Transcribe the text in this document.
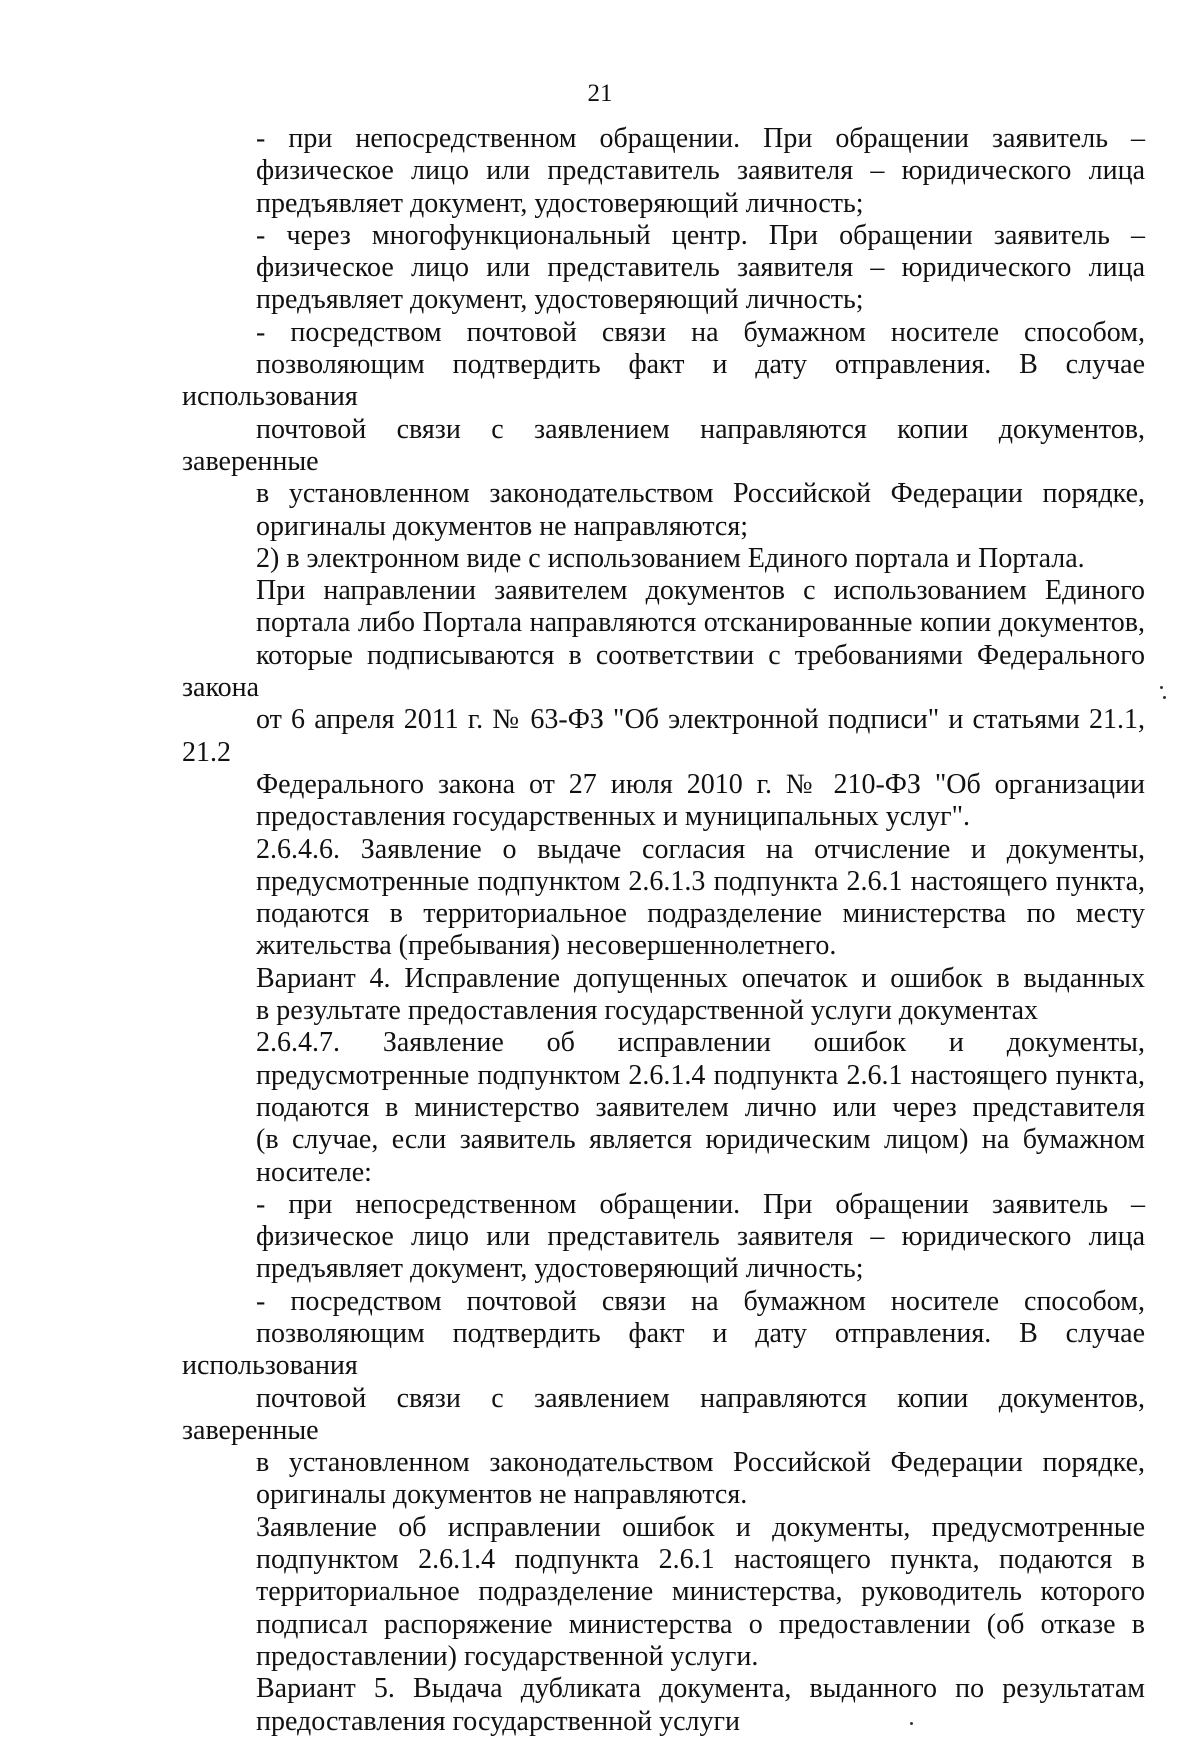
21

- при непосредственном обращении. При обращении заявитель –
физическое лицо или представитель заявителя – юридического лица
предъявляет документ, удостоверяющий личность;

- через многофункциональный центр. При обращении заявитель –
физическое лицо или представитель заявителя – юридического лица
предъявляет документ, удостоверяющий личность;

- посредством почтовой связи на бумажном носителе способом,
позволяющим подтвердить факт и дату отправления. В случае использования
почтовой связи с заявлением направляются копии документов, заверенные
в установленном законодательством Российской Федерации порядке,
оригиналы документов не направляются;

2) в электронном виде с использованием Единого портала и Портала.

При направлении заявителем документов с использованием Единого
портала либо Портала направляются отсканированные копии документов,
которые подписываются в соответствии с требованиями Федерального закона
от 6 апреля 2011 г. № 63-ФЗ "Об электронной подписи" и статьями 21.1, 21.2
Федерального закона от 27 июля 2010 г. № 210-ФЗ "Об организации
предоставления государственных и муниципальных услуг".

2.6.4.6. Заявление о выдаче согласия на отчисление и документы,
предусмотренные подпунктом 2.6.1.3 подпункта 2.6.1 настоящего пункта,
подаются в территориальное подразделение министерства по месту
жительства (пребывания) несовершеннолетнего.

Вариант 4. Исправление допущенных опечаток и ошибок в выданных
в результате предоставления государственной услуги документах

2.6.4.7. Заявление об исправлении ошибок и документы,
предусмотренные подпунктом 2.6.1.4 подпункта 2.6.1 настоящего пункта,
подаются в министерство заявителем лично или через представителя
(в случае, если заявитель является юридическим лицом) на бумажном
носителе:

- при непосредственном обращении. При обращении заявитель –
физическое лицо или представитель заявителя – юридического лица
предъявляет документ, удостоверяющий личность;

- посредством почтовой связи на бумажном носителе способом,
позволяющим подтвердить факт и дату отправления. В случае использования
почтовой связи с заявлением направляются копии документов, заверенные
в установленном законодательством Российской Федерации порядке,
оригиналы документов не направляются.

Заявление об исправлении ошибок и документы, предусмотренные
подпунктом 2.6.1.4 подпункта 2.6.1 настоящего пункта, подаются в
территориальное подразделение министерства, руководитель которого
подписал распоряжение министерства о предоставлении (об отказе в
предоставлении) государственной услуги.

Вариант 5. Выдача дубликата документа, выданного по результатам
предоставления государственной услуги
